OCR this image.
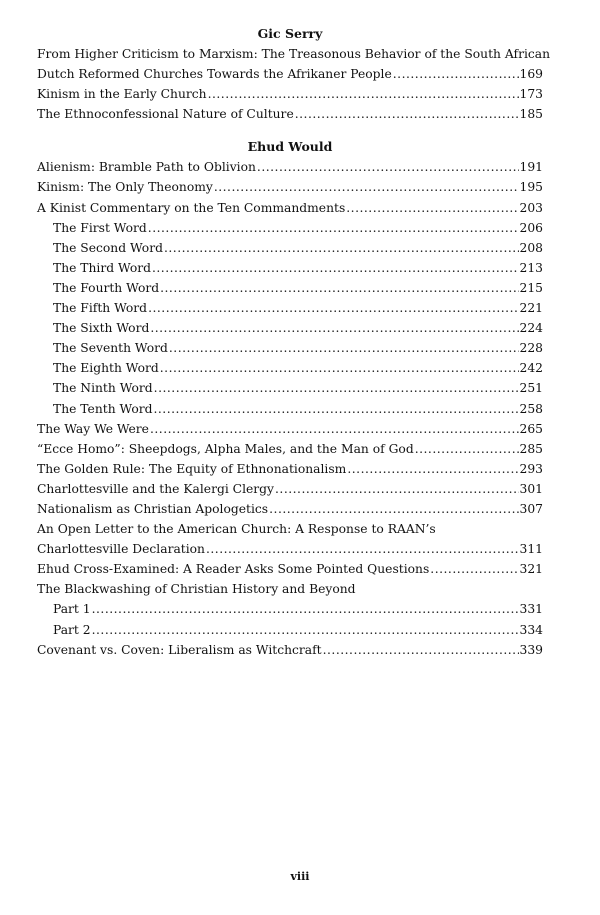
Gic Serry
From Higher Criticism to Marxism: The Treasonous Behavior of the South African
Dutch Reformed Churches Towards the Afrikaner People .....	169
Kinism in the Early Church .....	173
The Ethnoconfessional Nature of Culture .....	185
Ehud Would
Alienism: Bramble Path to Oblivion .....	191
Kinism: The Only Theonomy .....	195
A Kinist Commentary on the Ten Commandments .....	203
The First Word .....	206
The Second Word .....	208
The Third Word .....	213
The Fourth Word .....	215
The Fifth Word .....	221
The Sixth Word .....	224
The Seventh Word .....	228
The Eighth Word .....	242
The Ninth Word .....	251
The Tenth Word .....	258
The Way We Were .....	265
“Ecce Homo”: Sheepdogs, Alpha Males, and the Man of God .....	285
The Golden Rule: The Equity of Ethnonationalism .....	293
Charlottesville and the Kalergi Clergy .....	301
Nationalism as Christian Apologetics .....	307
An Open Letter to the American Church: A Response to RAAN’s
Charlottesville Declaration .....	311
Ehud Cross-Examined: A Reader Asks Some Pointed Questions .....	321
The Blackwashing of Christian History and Beyond
Part 1 .....	331
Part 2 .....	334
Covenant vs. Coven: Liberalism as Witchcraft .....	339
viii
